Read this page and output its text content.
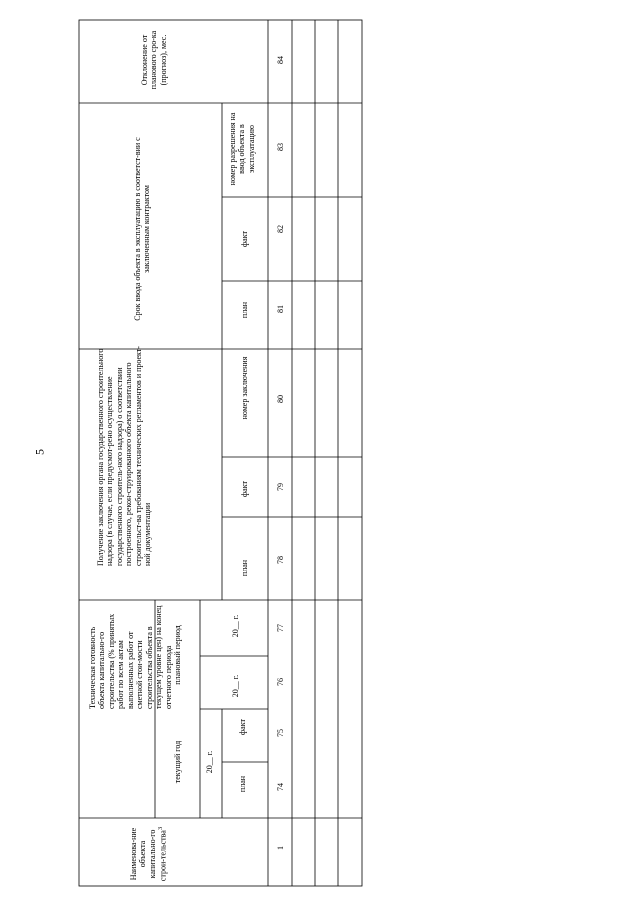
5
Наименова-ние объекта капитально-го строи-тельства$^3$
Техническая готовность объекта капитально-го строительства (% принятых работ по всем актам выполненных работ от сметной стои-мости строительства объекта в текущем уровне цен) на конец отчетного периода
текущий год	20__ г.
план
факт
плановый период
20__ г.
20__ г.
Получение заключения органа государственного строительного надзора (в случае, если предусмот-рено осуществление государственного строитель-ного надзора) о соответствии построенного, рекон-струированного объекта капитального строительст-ва требованиям технических регламентов и проект-ной документации
план
факт
номер заключения
Срок ввода объекта в эксплуатацию в соответст-вии с заключенным контрактом
план
факт
номер разрешения на ввод объекта в эксплуатацию
Отклонение от планового сро-ка (прогноз), мес.
1
74
75
76
77
78
79
80
81
82
83
84
